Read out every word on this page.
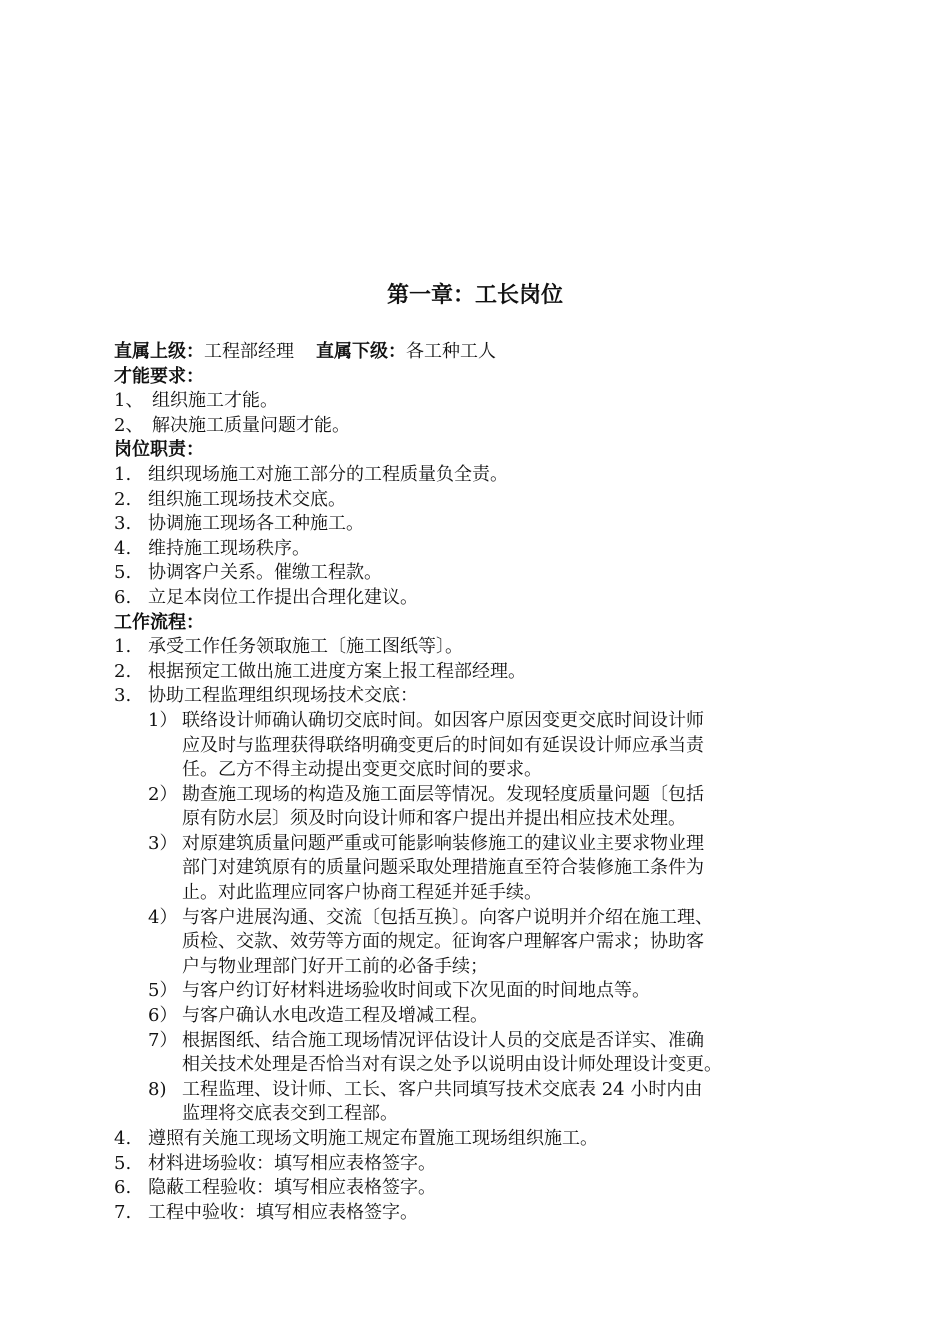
第一章：工长岗位
直属上级：工程部经理 直属下级：各工种工人
才能要求：
1、 组织施工才能。
2、 解决施工质量问题才能。
岗位职责：
1. 组织现场施工对施工部分的工程质量负全责。
2. 组织施工现场技术交底。
3. 协调施工现场各工种施工。
4. 维持施工现场秩序。
5. 协调客户关系。催缴工程款。
6. 立足本岗位工作提出合理化建议。
工作流程：
1. 承受工作任务领取施工〔施工图纸等〕。
2. 根据预定工做出施工进度方案上报工程部经理。
3. 协助工程监理组织现场技术交底：
1） 联络设计师确认确切交底时间。如因客户原因变更交底时间设计师
应及时与监理获得联络明确变更后的时间如有延误设计师应承当责
任。乙方不得主动提出变更交底时间的要求。
2） 勘查施工现场的构造及施工面层等情况。发现轻度质量问题〔包括
原有防水层〕须及时向设计师和客户提出并提出相应技术处理。
3） 对原建筑质量问题严重或可能影响装修施工的建议业主要求物业理
部门对建筑原有的质量问题采取处理措施直至符合装修施工条件为
止。对此监理应同客户协商工程延并延手续。
4） 与客户进展沟通、交流〔包括互换〕。向客户说明并介绍在施工理、
质检、交款、效劳等方面的规定。征询客户理解客户需求；协助客
户与物业理部门好开工前的必备手续；
5） 与客户约订好材料进场验收时间或下次见面的时间地点等。
6） 与客户确认水电改造工程及增减工程。
7） 根据图纸、结合施工现场情况评估设计人员的交底是否详实、准确
相关技术处理是否恰当对有误之处予以说明由设计师处理设计变更。
8) 工程监理、设计师、工长、客户共同填写技术交底表 24 小时内由
监理将交底表交到工程部。
4. 遵照有关施工现场文明施工规定布置施工现场组织施工。
5. 材料进场验收：填写相应表格签字。
6. 隐蔽工程验收：填写相应表格签字。
7. 工程中验收：填写相应表格签字。
